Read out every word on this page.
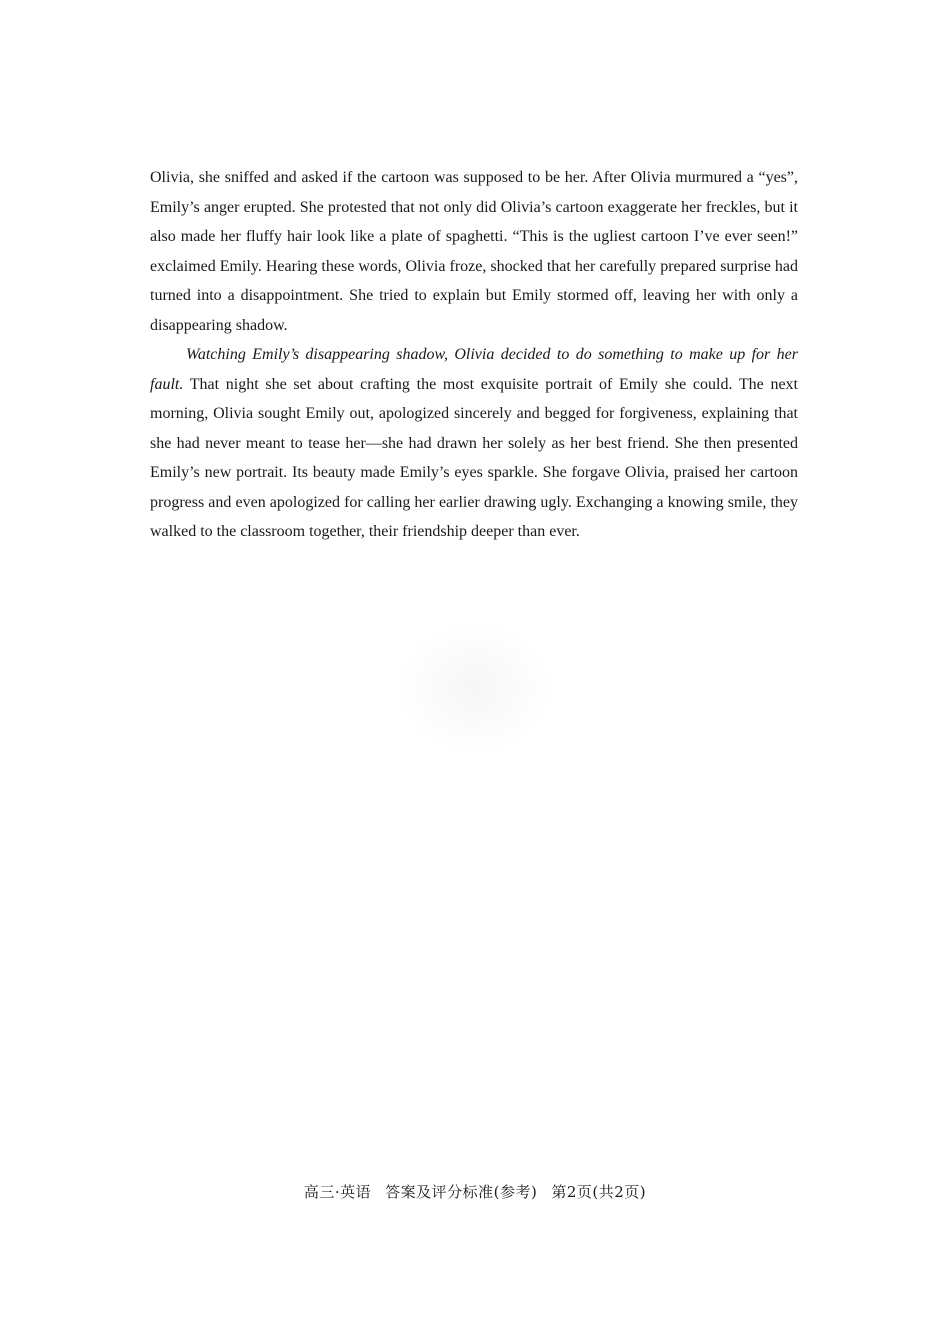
Olivia, she sniffed and asked if the cartoon was supposed to be her. After Olivia murmured a “yes”, Emily’s anger erupted. She protested that not only did Olivia’s cartoon exaggerate her freckles, but it also made her fluffy hair look like a plate of spaghetti. “This is the ugliest cartoon I’ve ever seen!” exclaimed Emily. Hearing these words, Olivia froze, shocked that her carefully prepared surprise had turned into a disappointment. She tried to explain but Emily stormed off, leaving her with only a disappearing shadow.

Watching Emily’s disappearing shadow, Olivia decided to do something to make up for her fault. That night she set about crafting the most exquisite portrait of Emily she could. The next morning, Olivia sought Emily out, apologized sincerely and begged for forgiveness, explaining that she had never meant to tease her—she had drawn her solely as her best friend. She then presented Emily’s new portrait. Its beauty made Emily’s eyes sparkle. She forgave Olivia, praised her cartoon progress and even apologized for calling her earlier drawing ugly. Exchanging a knowing smile, they walked to the classroom together, their friendship deeper than ever.

高三·英语 答案及评分标准(参考) 第2页(共2页)
